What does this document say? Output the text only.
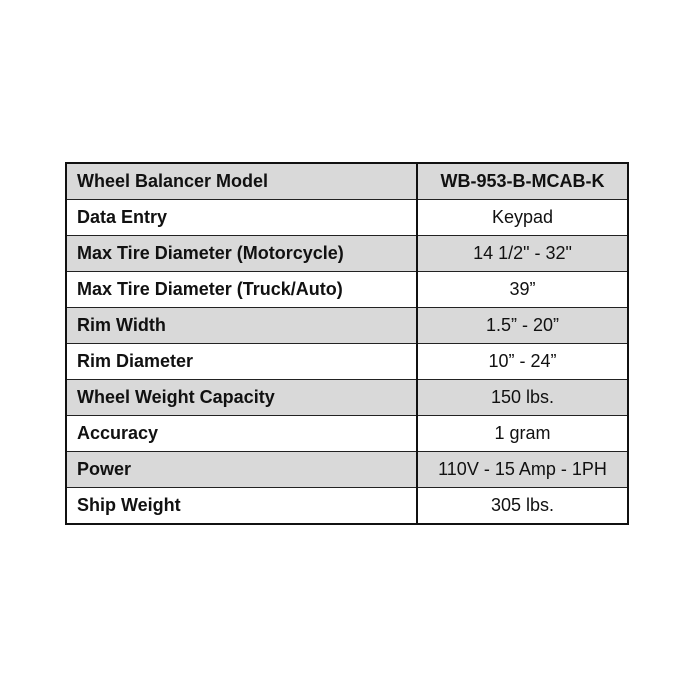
Wheel Balancer Model	WB-953-B-MCAB-K
Data Entry	Keypad
Max Tire Diameter (Motorcycle)	14 1/2" - 32"
Max Tire Diameter (Truck/Auto)	39”
Rim Width	1.5” - 20”
Rim Diameter	10” - 24”
Wheel Weight Capacity	150 lbs.
Accuracy	1 gram
Power	110V - 15 Amp - 1PH
Ship Weight	305 lbs.
